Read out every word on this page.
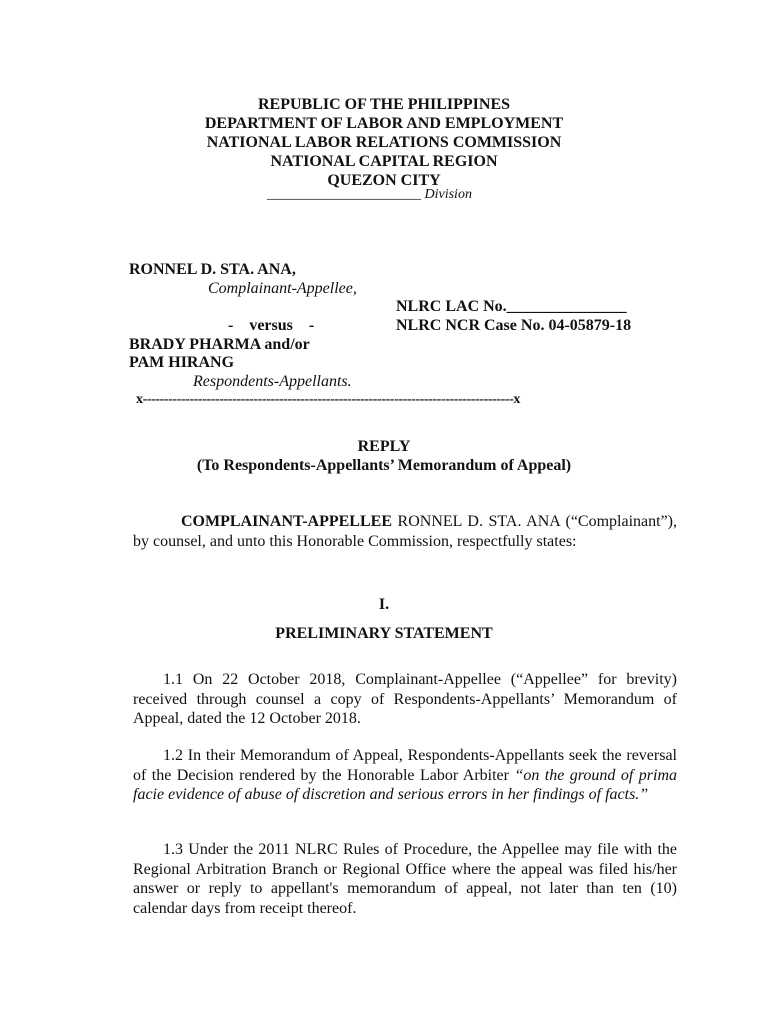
REPUBLIC OF THE PHILIPPINES
DEPARTMENT OF LABOR AND EMPLOYMENT
NATIONAL LABOR RELATIONS COMMISSION
NATIONAL CAPITAL REGION
QUEZON CITY
______________________ Division
RONNEL D. STA. ANA,
Complainant-Appellee,
NLRC LAC No._______________
- versus -	NLRC NCR Case No. 04-05879-18
BRADY PHARMA and/or
PAM HIRANG
Respondents-Appellants.
x---------------------------------------------------------------------------------------x
REPLY
(To Respondents-Appellants’ Memorandum of Appeal)
COMPLAINANT-APPELLEE RONNEL D. STA. ANA (“Complainant”), by counsel, and unto this Honorable Commission, respectfully states:
I.
PRELIMINARY STATEMENT
1.1 On 22 October 2018, Complainant-Appellee (“Appellee” for brevity) received through counsel a copy of Respondents-Appellants’ Memorandum of Appeal, dated the 12 October 2018.
1.2 In their Memorandum of Appeal, Respondents-Appellants seek the reversal of the Decision rendered by the Honorable Labor Arbiter “on the ground of prima facie evidence of abuse of discretion and serious errors in her findings of facts.”
1.3 Under the 2011 NLRC Rules of Procedure, the Appellee may file with the Regional Arbitration Branch or Regional Office where the appeal was filed his/her answer or reply to appellant's memorandum of appeal, not later than ten (10) calendar days from receipt thereof.
